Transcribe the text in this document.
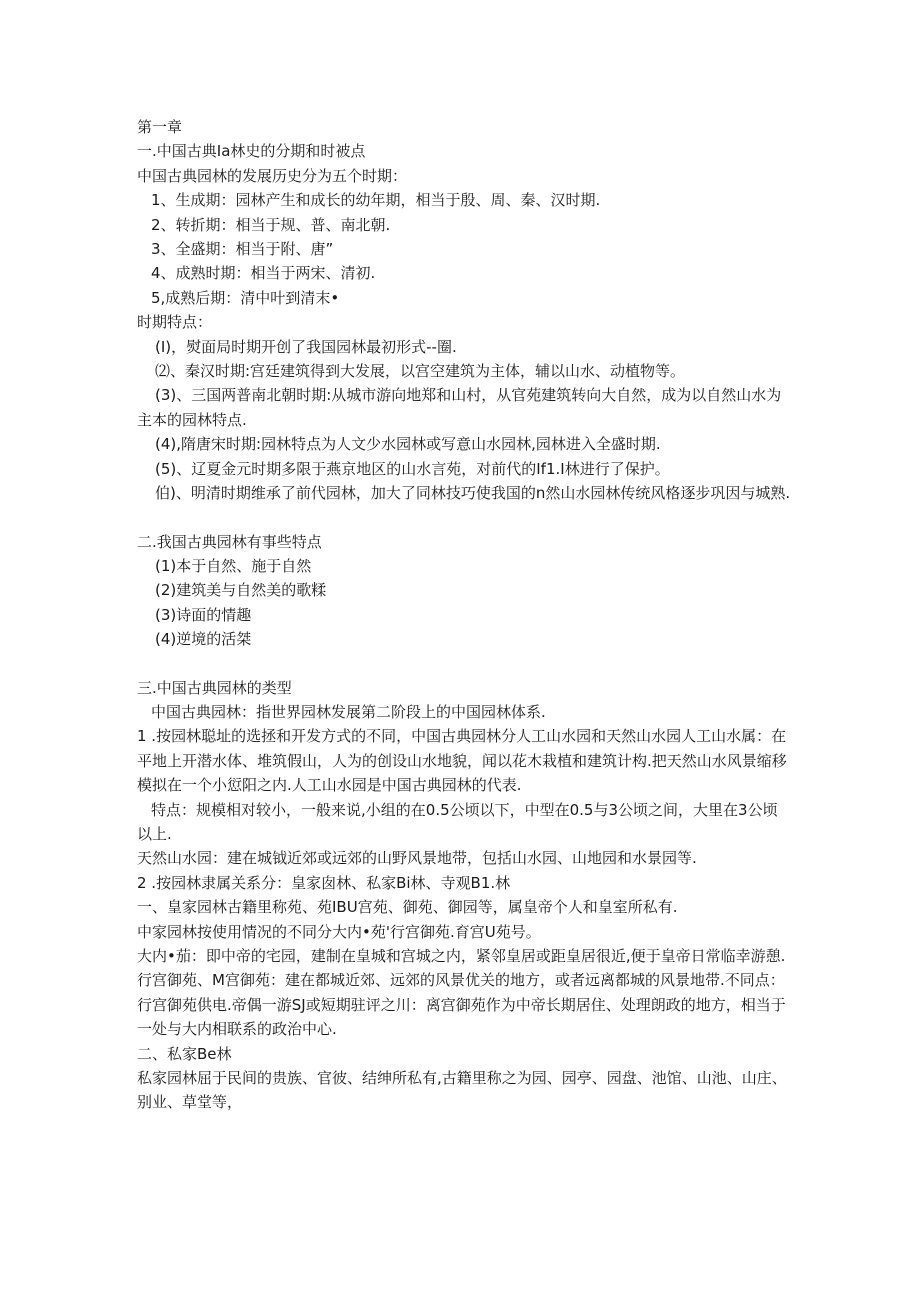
第一章
一.中国古典Ia林史的分期和时被点
中国古典园林的发展历史分为五个时期：
1、生成期：园林产生和成长的幼年期，相当于殷、周、秦、汉时期.
2、转折期：相当于规、普、南北朝.
3、全盛期：相当于附、唐”
4、成熟时期：相当于两宋、清初.
5,成熟后期：清中叶到清末•
时期特点：
(I)，熨面局时期开创了我国园林最初形式--圈.
⑵、秦汉时期:宫廷建筑得到大发展，以宫空建筑为主体，辅以山水、动植物等。
(3)、三国两普南北朝时期:从城市游向地郑和山村，从官苑建筑转向大自然，成为以自然山水为主本的园林特点.
(4),隋唐宋时期:园林特点为人文少水园林或写意山水园林,园林进入全盛时期.
(5)、辽夏金元时期多限于燕京地区的山水言苑，对前代的If1.I林进行了保护。
伯)、明清时期维承了前代园林，加大了同林技巧使我国的n然山水园林传统风格逐步巩因与城熟.
二.我国古典园林有事些特点
(1)本于自然、施于自然
(2)建筑美与自然美的歌糅
(3)诗面的情趣
(4)逆境的活桀
三.中国古典园林的类型
中国古典园林：指世界园林发展第二阶段上的中国园林体系.
1 .按园林聪址的选拯和开发方式的不同，中国古典园林分人工山水园和天然山水园人工山水属：在平地上开潜水体、堆筑假山，人为的创设山水地貌，闻以花木栽植和建筑计构.把天然山水风景缩移模拟在一个小愆阳之内.人工山水园是中国古典园林的代表.
特点：规模相对较小，一般来说,小组的在0.5公顷以下，中型在0.5与3公顷之间，大里在3公顷以上.
天然山水园：建在城钺近郊或远郊的山野风景地带，包括山水园、山地园和水景园等.
2 .按园林隶属关系分：皇家囱林、私家Bi林、寺观B1.林
一、皇家园林古籍里称苑、苑IBU宫苑、御苑、御园等，属皇帝个人和皇室所私有.
中家园林按使用情况的不同分大内•苑'行宫御苑.育宫U苑号。
大内•茄：即中帝的宅园，建制在皇城和宫城之内，紧邻皇居或距皇居很近,便于皇帝日常临幸游憩.
行宫御苑、M宫御苑：建在都城近郊、远郊的风景优关的地方，或者远离都城的风景地带.不同点：行宫御苑供电.帝偶一游SJ或短期驻评之川：离宫御苑作为中帝长期居住、处理朗政的地方，相当于一处与大内相联系的政治中心.
二、私家Be林
私家园林屈于民间的贵族、官彼、结绅所私有,古籍里称之为园、园亭、园盘、池馆、山池、山庄、别业、草堂等，
